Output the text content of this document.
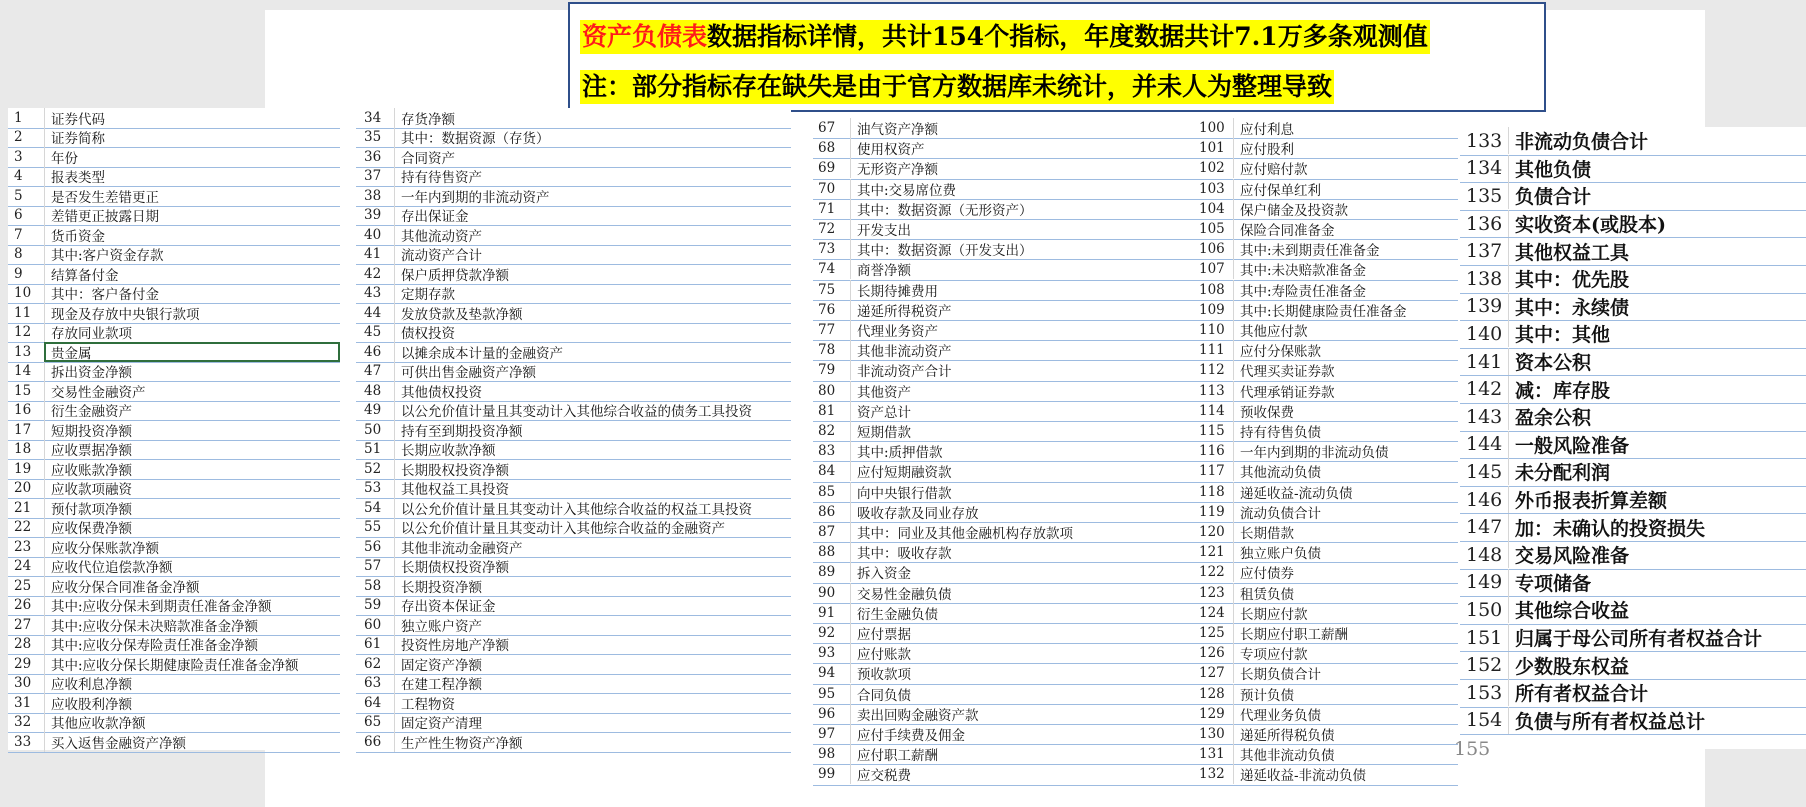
资产负债表数据指标详情，共计154个指标，年度数据共计7.1万多条观测值
注：部分指标存在缺失是由于官方数据库未统计，并未人为整理导致
1	证券代码
2	证券简称
3	年份
4	报表类型
5	是否发生差错更正
6	差错更正披露日期
7	货币资金
8	其中:客户资金存款
9	结算备付金
10	其中：客户备付金
11	现金及存放中央银行款项
12	存放同业款项
13	贵金属
14	拆出资金净额
15	交易性金融资产
16	衍生金融资产
17	短期投资净额
18	应收票据净额
19	应收账款净额
20	应收款项融资
21	预付款项净额
22	应收保费净额
23	应收分保账款净额
24	应收代位追偿款净额
25	应收分保合同准备金净额
26	其中:应收分保未到期责任准备金净额
27	其中:应收分保未决赔款准备金净额
28	其中:应收分保寿险责任准备金净额
29	其中:应收分保长期健康险责任准备金净额
30	应收利息净额
31	应收股利净额
32	其他应收款净额
33	买入返售金融资产净额
34	存货净额
35	其中：数据资源（存货）
36	合同资产
37	持有待售资产
38	一年内到期的非流动资产
39	存出保证金
40	其他流动资产
41	流动资产合计
42	保户质押贷款净额
43	定期存款
44	发放贷款及垫款净额
45	债权投资
46	以摊余成本计量的金融资产
47	可供出售金融资产净额
48	其他债权投资
49	以公允价值计量且其变动计入其他综合收益的债务工具投资
50	持有至到期投资净额
51	长期应收款净额
52	长期股权投资净额
53	其他权益工具投资
54	以公允价值计量且其变动计入其他综合收益的权益工具投资
55	以公允价值计量且其变动计入其他综合收益的金融资产
56	其他非流动金融资产
57	长期债权投资净额
58	长期投资净额
59	存出资本保证金
60	独立账户资产
61	投资性房地产净额
62	固定资产净额
63	在建工程净额
64	工程物资
65	固定资产清理
66	生产性生物资产净额
67	油气资产净额
68	使用权资产
69	无形资产净额
70	其中:交易席位费
71	其中：数据资源（无形资产）
72	开发支出
73	其中：数据资源（开发支出）
74	商誉净额
75	长期待摊费用
76	递延所得税资产
77	代理业务资产
78	其他非流动资产
79	非流动资产合计
80	其他资产
81	资产总计
82	短期借款
83	其中:质押借款
84	应付短期融资款
85	向中央银行借款
86	吸收存款及同业存放
87	其中：同业及其他金融机构存放款项
88	其中：吸收存款
89	拆入资金
90	交易性金融负债
91	衍生金融负债
92	应付票据
93	应付账款
94	预收款项
95	合同负债
96	卖出回购金融资产款
97	应付手续费及佣金
98	应付职工薪酬
99	应交税费
100	应付利息
101	应付股利
102	应付赔付款
103	应付保单红利
104	保户储金及投资款
105	保险合同准备金
106	其中:未到期责任准备金
107	其中:未决赔款准备金
108	其中:寿险责任准备金
109	其中:长期健康险责任准备金
110	其他应付款
111	应付分保账款
112	代理买卖证券款
113	代理承销证券款
114	预收保费
115	持有待售负债
116	一年内到期的非流动负债
117	其他流动负债
118	递延收益-流动负债
119	流动负债合计
120	长期借款
121	独立账户负债
122	应付债券
123	租赁负债
124	长期应付款
125	长期应付职工薪酬
126	专项应付款
127	长期负债合计
128	预计负债
129	代理业务负债
130	递延所得税负债
131	其他非流动负债
132	递延收益-非流动负债
133 非流动负债合计
134 其他负债
135 负债合计
136 实收资本(或股本)
137 其他权益工具
138 其中：优先股
139 其中：永续债
140 其中：其他
141 资本公积
142 减：库存股
143 盈余公积
144 一般风险准备
145 未分配利润
146 外币报表折算差额
147 加：未确认的投资损失
148 交易风险准备
149 专项储备
150 其他综合收益
151 归属于母公司所有者权益合计
152 少数股东权益
153 所有者权益合计
154 负债与所有者权益总计
155
